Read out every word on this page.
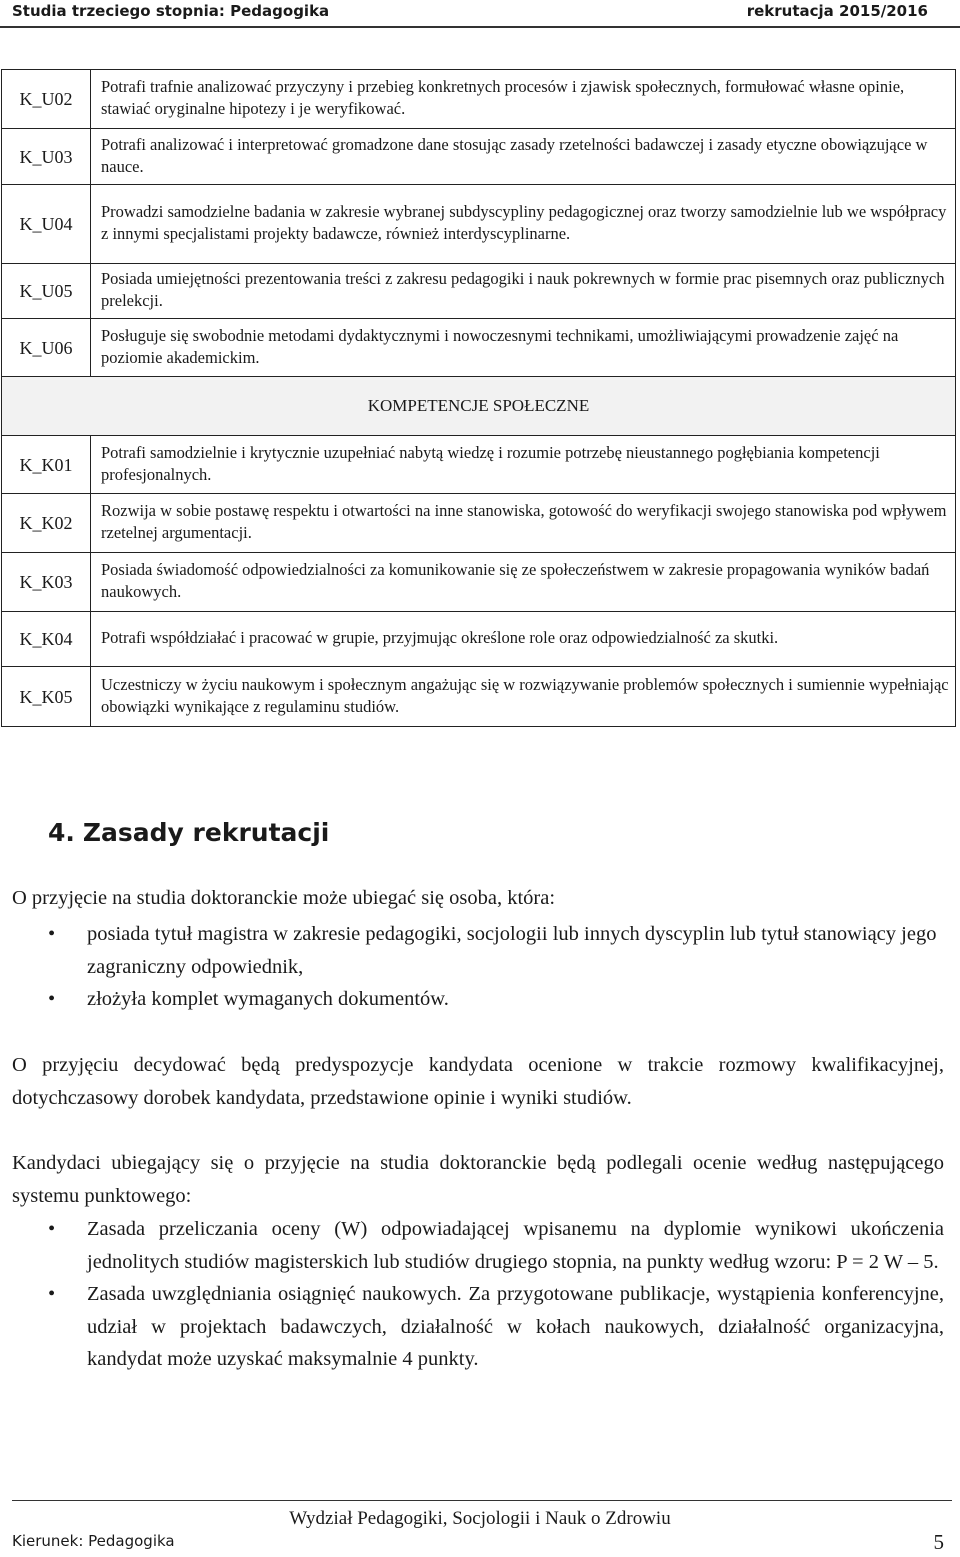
Studia trzeciego stopnia: Pedagogika	rekrutacja 2015/2016
K_U02	Potrafi trafnie analizować przyczyny i przebieg konkretnych procesów i zjawisk społecznych, formułować własne opinie, stawiać oryginalne hipotezy i je weryfikować.
K_U03	Potrafi analizować i interpretować gromadzone dane stosując zasady rzetelności badawczej i zasady etyczne obowiązujące w nauce.
K_U04	Prowadzi samodzielne badania w zakresie wybranej subdyscypliny pedagogicznej oraz tworzy samodzielnie lub we współpracy z innymi specjalistami projekty badawcze, również interdyscyplinarne.
K_U05	Posiada umiejętności prezentowania treści z zakresu pedagogiki i nauk pokrewnych w formie prac pisemnych oraz publicznych prelekcji.
K_U06	Posługuje się swobodnie metodami dydaktycznymi i nowoczesnymi technikami, umożliwiającymi prowadzenie zajęć na poziomie akademickim.
KOMPETENCJE SPOŁECZNE	
K_K01	Potrafi samodzielnie i krytycznie uzupełniać nabytą wiedzę i rozumie potrzebę nieustannego pogłębiania kompetencji profesjonalnych.
K_K02	Rozwija w sobie postawę respektu i otwartości na inne stanowiska, gotowość do weryfikacji swojego stanowiska pod wpływem rzetelnej argumentacji.
K_K03	Posiada świadomość odpowiedzialności za komunikowanie się ze społeczeństwem w zakresie propagowania wyników badań naukowych.
K_K04	Potrafi współdziałać i pracować w grupie, przyjmując określone role oraz odpowiedzialność za skutki.
K_K05	Uczestniczy w życiu naukowym i społecznym angażując się w rozwiązywanie problemów społecznych i sumiennie wypełniając obowiązki wynikające z regulaminu studiów.
4. Zasady rekrutacji
O przyjęcie na studia doktoranckie może ubiegać się osoba, która:
• posiada tytuł magistra w zakresie pedagogiki, socjologii lub innych dyscyplin lub tytuł stanowiący jego zagraniczny odpowiednik,
• złożyła komplet wymaganych dokumentów.
O przyjęciu decydować będą predyspozycje kandydata ocenione w trakcie rozmowy kwalifikacyjnej, dotychczasowy dorobek kandydata, przedstawione opinie i wyniki studiów.
Kandydaci ubiegający się o przyjęcie na studia doktoranckie będą podlegali ocenie według następującego systemu punktowego:
• Zasada przeliczania oceny (W) odpowiadającej wpisanemu na dyplomie wynikowi ukończenia jednolitych studiów magisterskich lub studiów drugiego stopnia, na punkty według wzoru: P = 2 W – 5.
• Zasada uwzględniania osiągnięć naukowych. Za przygotowane publikacje, wystąpienia konferencyjne, udział w projektach badawczych, działalność w kołach naukowych, działalność organizacyjna, kandydat może uzyskać maksymalnie 4 punkty.
Wydział Pedagogiki, Socjologii i Nauk o Zdrowiu
Kierunek: Pedagogika	5
